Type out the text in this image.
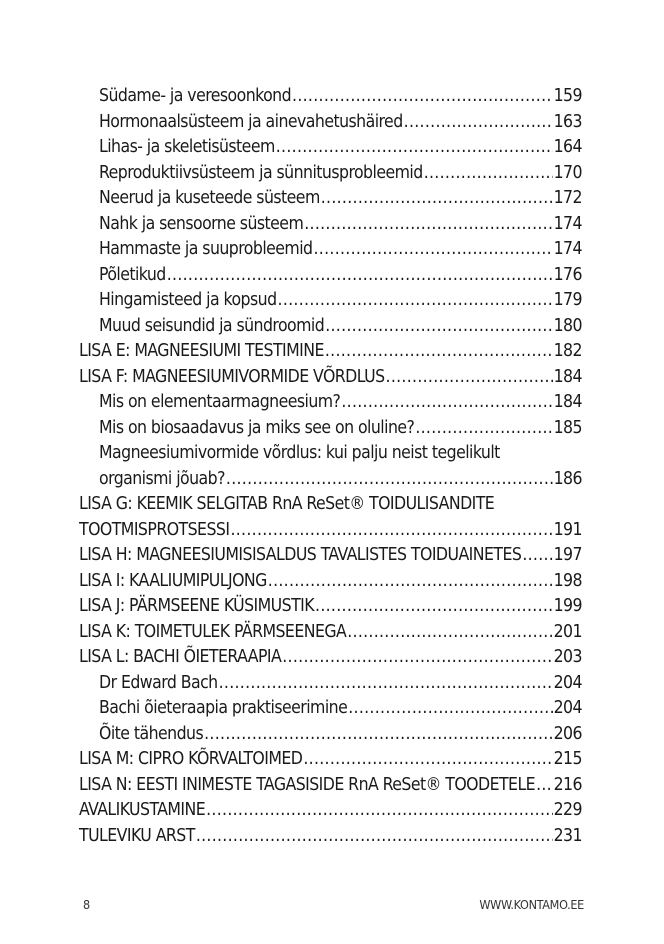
Südame- ja veresoonkond .....	159
Hormonaalsüsteem ja ainevahetushäired .....	163
Lihas- ja skeletisüsteem .....	164
Reproduktiivsüsteem ja sünnitusprobleemid .....	170
Neerud ja kuseteede süsteem .....	172
Nahk ja sensoorne süsteem .....	174
Hammaste ja suuprobleemid .....	174
Põletikud .....	176
Hingamisteed ja kopsud .....	179
Muud seisundid ja sündroomid .....	180
LISA E: MAGNEESIUMI TESTIMINE .....	182
LISA F: MAGNEESIUMIVORMIDE VÕRDLUS .....	184
Mis on elementaarmagneesium? .....	184
Mis on biosaadavus ja miks see on oluline? .....	185
Magneesiumivormide võrdlus: kui palju neist tegelikult
organismi jõuab? .....	186
LISA G: KEEMIK SELGITAB RnA ReSet® TOIDULISANDITE
TOOTMISPROTSESSI .....	191
LISA H: MAGNEESIUMISISALDUS TAVALISTES TOIDUAINETES ..... 197
LISA I: KAALIUMIPULJONG .....	198
LISA J: PÄRMSEENE KÜSIMUSTIK .....	199
LISA K: TOIMETULEK PÄRMSEENEGA .....	201
LISA L: BACHI ÕIETERAAPIA .....	203
Dr Edward Bach .....	204
Bachi õieteraapia praktiseerimine .....	204
Õite tähendus .....	206
LISA M: CIPRO KÕRVALTOIMED .....	215
LISA N: EESTI INIMESTE TAGASISIDE RnA ReSet® TOODETELE ..... 216
AVALIKUSTAMINE .....	229
TULEVIKU ARST .....	231
8	WWW.KONTAMO.EE
